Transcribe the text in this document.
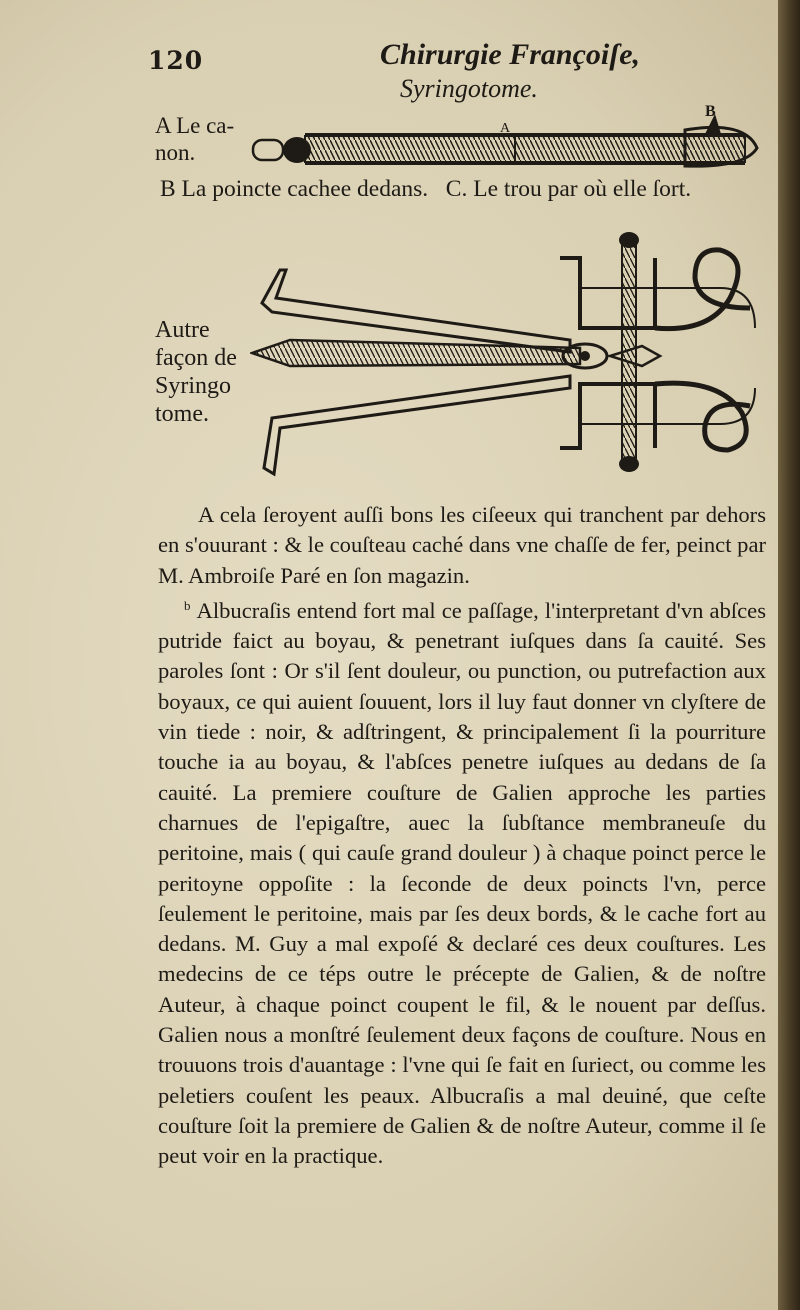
120	Chirurgie Françoiſe,
Syringotome.
A Le ca-
non.
A
B
B La poincte cachee dedans.   C. Le trou par où elle ſort.
Autre
façon de
Syringo
tome.

A cela ſeroyent auſſi bons les ciſeeux qui tranchent par dehors en s'ouurant : & le couſteau caché dans vne chaſſe de fer, peinct par M. Ambroiſe Paré en ſon magazin.

$^b$ Albucraſis entend fort mal ce paſſage, l'interpretant d'vn abſces putride faict au boyau, & penetrant iuſques dans ſa cauité. Ses paroles ſont : Or s'il ſent douleur, ou punction, ou putrefaction aux boyaux, ce qui auient ſouuent, lors il luy faut donner vn clyſtere de vin tiede : noir, & adſtringent, & principalement ſi la pourriture touche ia au boyau, & l'abſces penetre iuſques au dedans de ſa cauité. La premiere couſture de Galien approche les parties charnues de l'epigaſtre, auec la ſubſtance membraneuſe du peritoine, mais ( qui cauſe grand douleur ) à chaque poinct perce le peritoyne oppoſite : la ſeconde de deux poincts l'vn, perce ſeulement le peritoine, mais par ſes deux bords, & le cache fort au dedans. M. Guy a mal expoſé & declaré ces deux couſtures. Les medecins de ce téps outre le précepte de Galien, & de noſtre Auteur, à chaque poinct coupent le fil, & le nouent par deſſus. Galien nous a monſtré ſeulement deux façons de couſture. Nous en trouuons trois d'auantage : l'vne qui ſe fait en ſuriect, ou comme les peletiers couſent les peaux. Albucraſis a mal deuiné, que ceſte couſture ſoit la premiere de Galien & de noſtre Auteur, comme il ſe peut voir en la practique.
